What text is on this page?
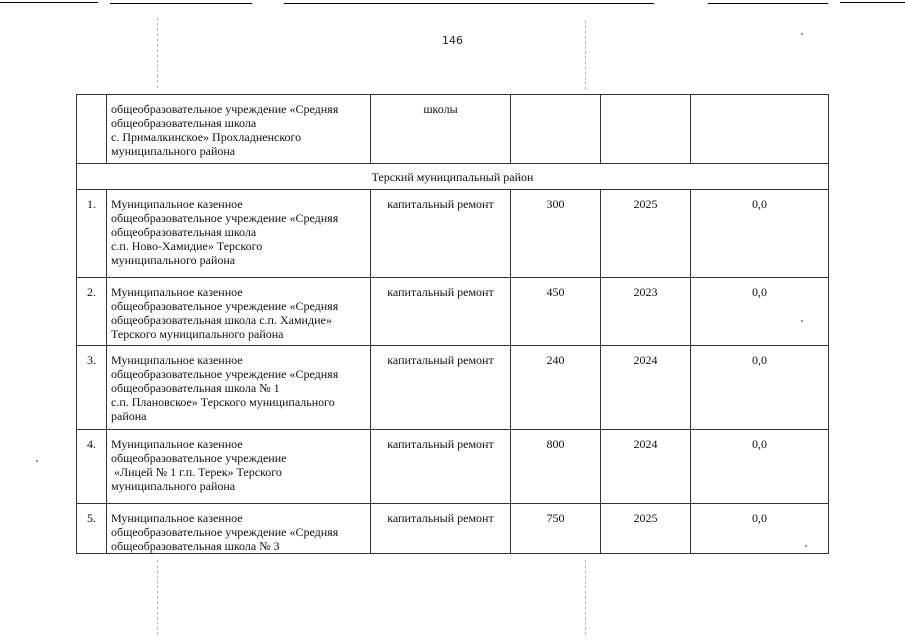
146

	общеобразовательное учреждение «Средняя
общеобразовательная школа
с. Прималкинское» Прохладненского
муниципального района	школы			
Терский муниципальный район					
1.	Муниципальное казенное
общеобразовательное учреждение «Средняя
общеобразовательная школа
с.п. Ново-Хамидие» Терского
муниципального района	капитальный ремонт	300	2025	0,0
2.	Муниципальное казенное
общеобразовательное учреждение «Средняя
общеобразовательная школа с.п. Хамидие»
Терского муниципального района	капитальный ремонт	450	2023	0,0
3.	Муниципальное казенное
общеобразовательное учреждение «Средняя
общеобразовательная школа № 1
с.п. Плановское» Терского муниципального
района	капитальный ремонт	240	2024	0,0
4.	Муниципальное казенное
общеобразовательное учреждение
«Лицей № 1 г.п. Терек» Терского
муниципального района	капитальный ремонт	800	2024	0,0
5.	Муниципальное казенное
общеобразовательное учреждение «Средняя
общеобразовательная школа № 3	капитальный ремонт	750	2025	0,0
